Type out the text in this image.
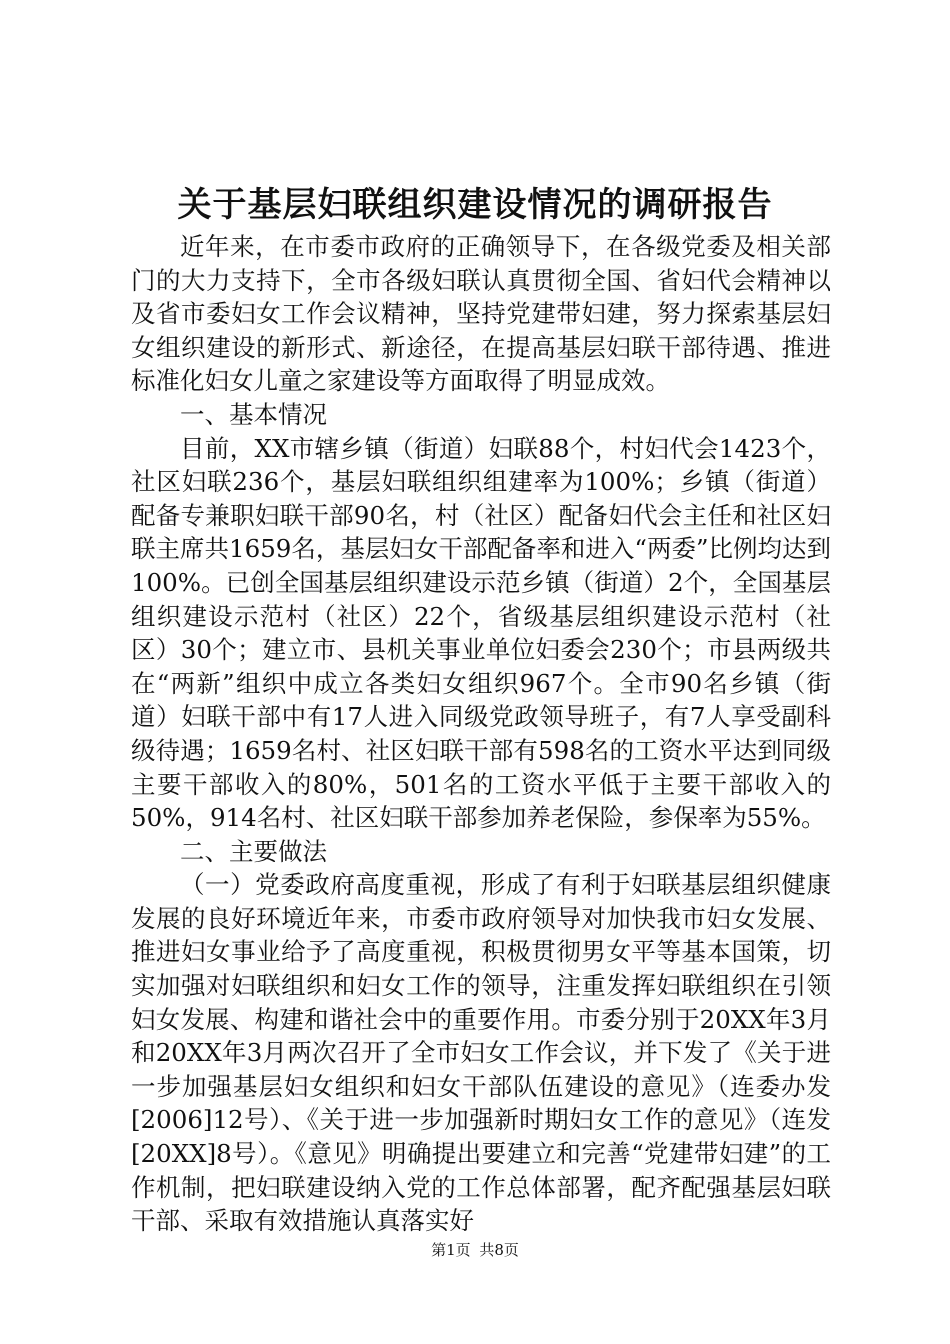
关于基层妇联组织建设情况的调研报告

近年来，在市委市政府的正确领导下，在各级党委及相关部门的大力支持下，全市各级妇联认真贯彻全国、省妇代会精神以及省市委妇女工作会议精神，坚持党建带妇建，努力探索基层妇女组织建设的新形式、新途径，在提高基层妇联干部待遇、推进标准化妇女儿童之家建设等方面取得了明显成效。

一、基本情况

目前，XX市辖乡镇（街道）妇联88个，村妇代会1423个，社区妇联236个，基层妇联组织组建率为100%；乡镇（街道）配备专兼职妇联干部90名，村（社区）配备妇代会主任和社区妇联主席共1659名，基层妇女干部配备率和进入“两委”比例均达到100%。已创全国基层组织建设示范乡镇（街道）2个，全国基层组织建设示范村（社区）22个，省级基层组织建设示范村（社区）30个；建立市、县机关事业单位妇委会230个；市县两级共在“两新”组织中成立各类妇女组织967个。全市90名乡镇（街道）妇联干部中有17人进入同级党政领导班子，有7人享受副科级待遇；1659名村、社区妇联干部有598名的工资水平达到同级主要干部收入的80%，501名的工资水平低于主要干部收入的50%，914名村、社区妇联干部参加养老保险，参保率为55%。

二、主要做法

（一）党委政府高度重视，形成了有利于妇联基层组织健康发展的良好环境近年来，市委市政府领导对加快我市妇女发展、推进妇女事业给予了高度重视，积极贯彻男女平等基本国策，切实加强对妇联组织和妇女工作的领导，注重发挥妇联组织在引领妇女发展、构建和谐社会中的重要作用。市委分别于20XX年3月和20XX年3月两次召开了全市妇女工作会议，并下发了《关于进一步加强基层妇女组织和妇女干部队伍建设的意见》（连委办发[2006]12号）、《关于进一步加强新时期妇女工作的意见》（连发[20XX]8号）。《意见》明确提出要建立和完善“党建带妇建”的工作机制，把妇联建设纳入党的工作总体部署，配齐配强基层妇联干部、采取有效措施认真落实好

第1页 共8页
